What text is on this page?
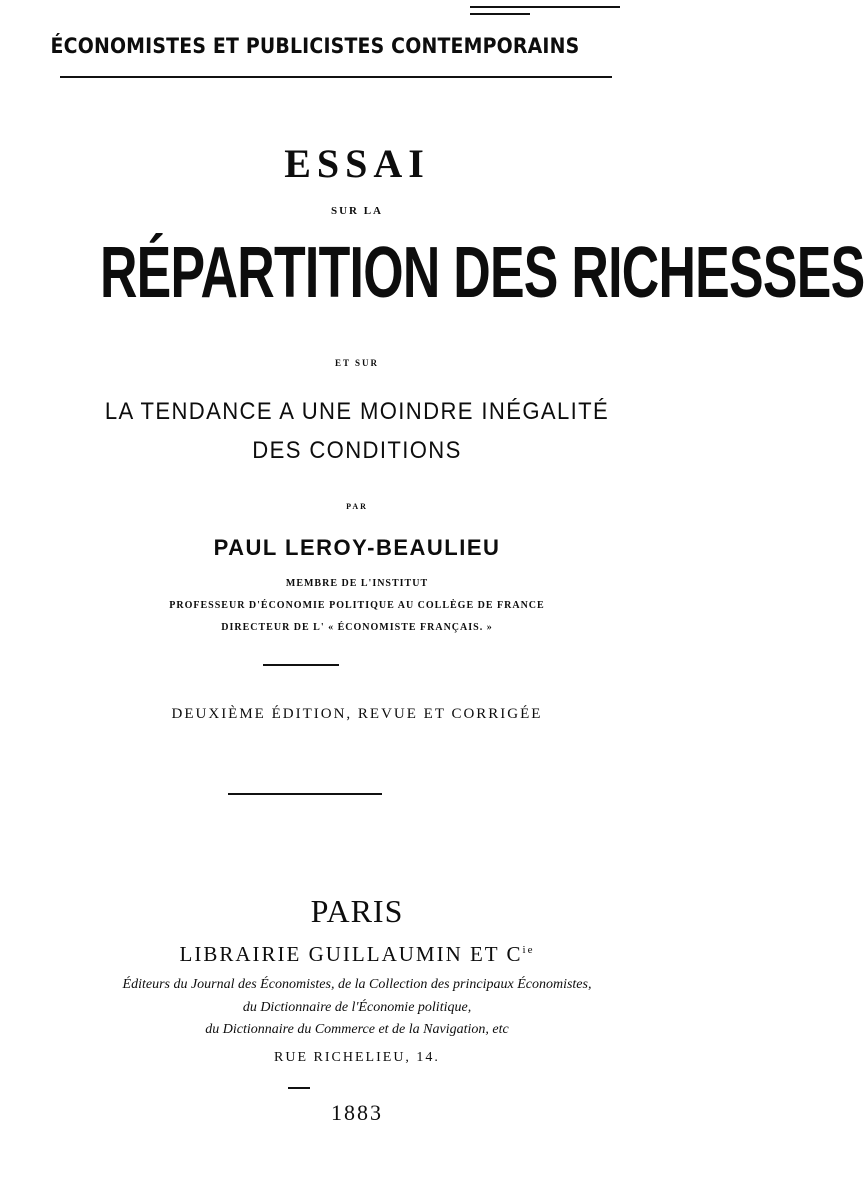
ÉCONOMISTES ET PUBLICISTES CONTEMPORAINS
ESSAI
SUR LA
RÉPARTITION DES RICHESSES
ET SUR
LA TENDANCE A UNE MOINDRE INÉGALITÉ
DES CONDITIONS
PAR
PAUL LEROY-BEAULIEU
MEMBRE DE L'INSTITUT
PROFESSEUR D'ÉCONOMIE POLITIQUE AU COLLÈGE DE FRANCE
DIRECTEUR DE L' « ÉCONOMISTE FRANÇAIS. »
DEUXIÈME ÉDITION, REVUE ET CORRIGÉE
PARIS
LIBRAIRIE GUILLAUMIN ET $C^{ie}$
Éditeurs du Journal des Économistes, de la Collection des principaux Économistes,
du Dictionnaire de l'Économie politique,
du Dictionnaire du Commerce et de la Navigation, etc
RUE RICHELIEU, 14.
1883
